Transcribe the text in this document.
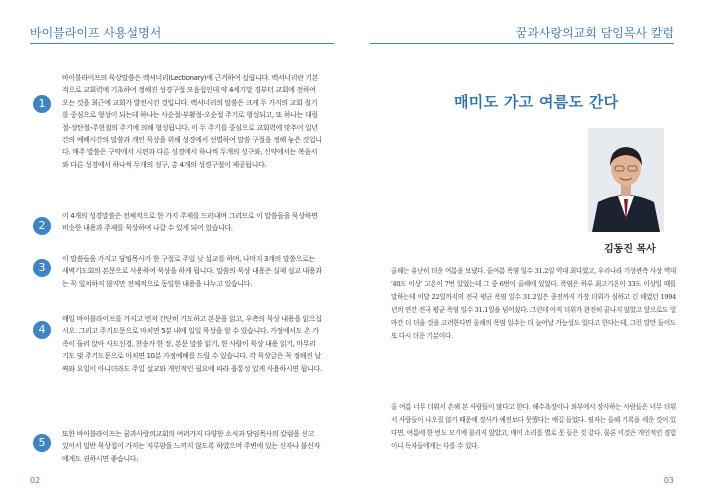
바이블라이프 사용설명서
1
바이블라이프의 묵상말씀은 렉셔너리(Lectionary)에 근거하여 실립니다. 렉셔너리란 기본적으로 교회력에 기초하여 정해진 성경구절 모음집인데 약 4세기말 경부터 교회에 전하여 오는 것을 최근에 교회가 발전시킨 것입니다. 렉셔너리의 말씀은 크게 두 가지의 교회 절기를 중심으로 형성이 되는데 하나는 사순절-부활절-오순절 주기로 형성되고, 또 하나는 대림절-성탄절-주현절의 주기에 의해 형성됩니다. 이 두 주기를 중심으로 교회력에 맞추어 일년간의 예배시간의 말씀과 개인 묵상을 위해 성경에서 선별하여 말씀 구절을 정해 놓은 것입니다. 매주 말씀은 구약에서 시편과 다른 성경에서 하나씩 두개의 성구와, 신약에서는 복음서와 다른 성경에서 하나씩 두개의 성구, 총 4개의 성경구절이 제공됩니다.
2
이 4개의 성경말씀은 전체적으로 한 가지 주제를 드러내며 그러므로 이 말씀들을 묵상하면 비슷한 내용과 주제를 묵상하며 나갈 수 있게 되어 있습니다.
3
이 말씀들을 가지고 담임목사가 한 구절로 주일 낮 설교를 하며, 나머지 3개의 말씀으로는 새벽기도회의 본문으로 사용하여 묵상을 하게 됩니다. 말씀의 묵상 내용은 실제 설교 내용과는 꼭 일치하지 않지만 전체적으로 동일한 내용을 나누고 있습니다.
4
매일 바이블라이프를 가지고 먼저 간단히 기도하고 본문을 읽고, 우측의 묵상 내용을 읽으십시오. 그리고 주기도문으로 마치면 5분 내에 일일 묵상을 할 수 있습니다. 가정에서도 온 가족이 둘러 앉아 사도신경, 찬송가 한 장, 본문 말씀 읽기, 한 사람이 묵상 내용 읽기, 마무리 기도 및 주기도문으로 마치면 10분 가정예배를 드릴 수 있습니다. 각 묵상글은 꼭 정해진 날짜와 요일이 아니더라도 주일 설교와 개인적인 필요에 따라 융통성 있게 사용하시면 됩니다.
5
또한 바이블라이프는 꿈과사랑의교회의 여러가지 다양한 소식과 담임목사의 칼럼을 싣고 있어서 일반 묵상집이 가지는 지루함을 느끼지 않도록 하였으며 주변에 있는 신자나 불신자에게도 권하시면 좋습니다.
02
꿈과사랑의교회 담임목사 칼럼
매미도 가고 여름도 간다
김동진 목사
올해는 유난히 더운 여름을 보냈다. 올여름 폭염 일수 31.2일 역대 최다였고, 우리나라 기상관측 사상 역대 '40도 이상' 고온이 7번 있었는데 그 중 6번이 올해에 있었다. 폭염은 하루 최고기온이 33도 이상일 때를 말하는데 이달 22일까지의 전국 평균 폭염 일수 31.2일은 종전까지 가장 더위가 심하고 긴 해였던 1994년의 연간 전국 평균 폭염 일수 31.1일을 넘어섰다. 그런데 아직 더위가 완전히 끝나지 않았고 앞으로도 얼마간 더 더울 것을 고려한다면 올해의 폭염 일수는 더 늘어날 가능성도 있다고 한다는데, 그런 말만 들어도 또 다시 더운 기분이다.
올 여름 너무 더워서 손해 본 사람들이 많다고 한다. 해수욕장이나 외부에서 장사하는 사람들은 너무 더워서 사람들이 나오질 않기 때문에 장사가 예전보다 못했다는 얘길 들었다. 필자는 올해 기록을 세운 것이 있다면, 여름에 한 번도 모기에 물리지 않았고, 매미 소리를 별로 못 들은 것 같다. 물론 이것은 개인적인 경험이니 독자들에게는 다를 수 있다.
03
